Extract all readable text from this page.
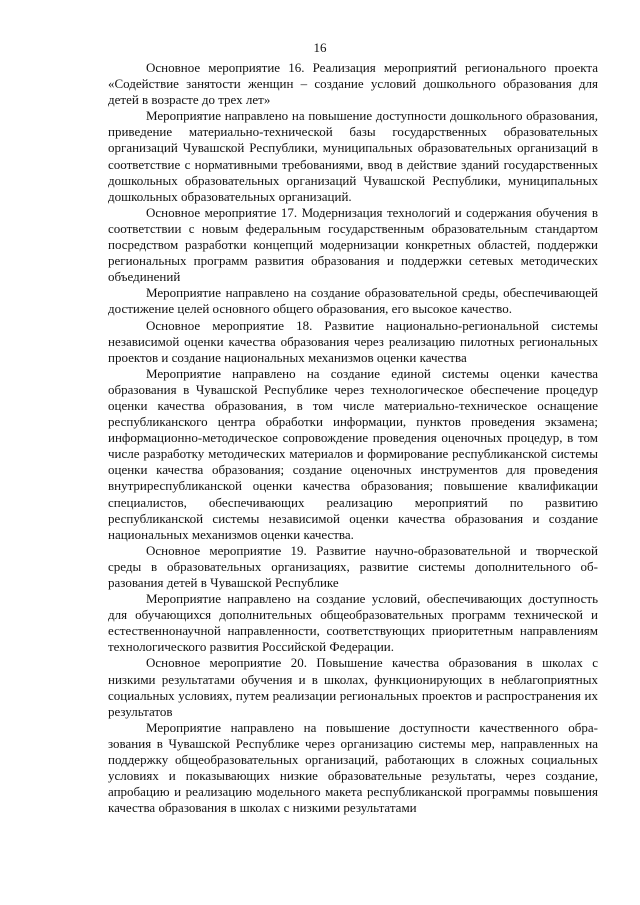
16

Основное мероприятие 16. Реализация мероприятий регионального проекта «Содействие занятости женщин – создание условий дошкольного образования для детей в возрасте до трех лет»

Мероприятие направлено на повышение доступности дошкольного образования, приведение материально-технической базы государственных образовательных организаций Чувашской Республики, муниципальных образовательных организаций в соответствие с нормативными требованиями, ввод в действие зданий государственных дошкольных образовательных организаций Чувашской Республики, муниципальных дошкольных образовательных организаций.

Основное мероприятие 17. Модернизация технологий и содержания обучения в соответствии с новым федеральным государственным образовательным стандартом посредством разработки концепций модернизации конкретных областей, поддержки региональных программ развития образования и поддержки сетевых методических объединений

Мероприятие направлено на создание образовательной среды, обеспечивающей достижение целей основного общего образования, его высокое качество.

Основное мероприятие 18. Развитие национально-региональной системы независимой оценки качества образования через реализацию пилотных региональных проектов и создание национальных механизмов оценки качества

Мероприятие направлено на создание единой системы оценки качества образования в Чувашской Республике через технологическое обеспечение процедур оценки качества образования, в том числе материально-техническое оснащение республиканского центра обработки информации, пунктов проведения экзамена; информационно-методическое сопровождение проведения оценочных процедур, в том числе разработку методических материалов и формирование республиканской системы оценки качества образования; создание оценочных инструментов для проведения внутриреспубликанской оценки качества образования; повышение квалификации специалистов, обеспечивающих реализацию мероприятий по развитию республиканской системы независимой оценки качества образования и создание национальных механизмов оценки качества.

Основное мероприятие 19. Развитие научно-образовательной и творческой среды в образовательных организациях, развитие системы дополнительного образования детей в Чувашской Республике

Мероприятие направлено на создание условий, обеспечивающих доступность для обучающихся дополнительных общеобразовательных программ технической и естественнонаучной направленности, соответствующих приоритетным направлениям технологического развития Российской Федерации.

Основное мероприятие 20. Повышение качества образования в школах с низкими результатами обучения и в школах, функционирующих в неблагоприятных социальных условиях, путем реализации региональных проектов и распространения их результатов

Мероприятие направлено на повышение доступности качественного образования в Чувашской Республике через организацию системы мер, направленных на поддержку общеобразовательных организаций, работающих в сложных социальных условиях и показывающих низкие образовательные результаты, через создание, апробацию и реализацию модельного макета республиканской программы повышения качества образования в школах с низкими результатами
